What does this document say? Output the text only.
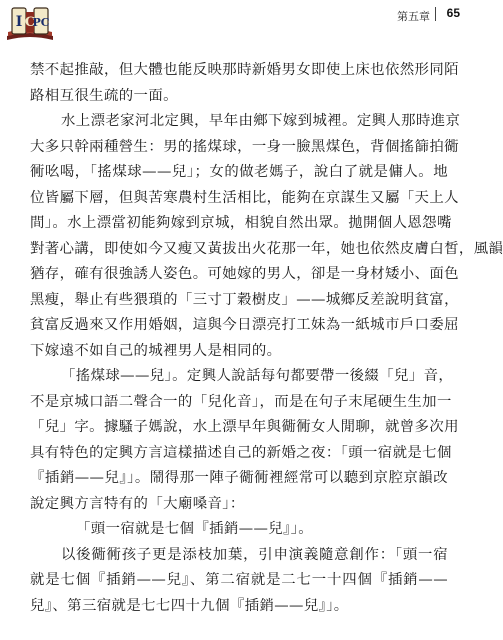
I C
PC	第五章 65
禁不起推敲，但大體也能反映那時新婚男女即使上床也依然形同陌
路相互很生疏的一面。
水上漂老家河北定興，早年由鄉下嫁到城裡。定興人那時進京
大多只幹兩種營生：男的搖煤球，一身一臉黑煤色，背個搖篩拍衚
衕吆喝，「搖煤球——兒」；女的做老媽子，說白了就是傭人。地
位皆屬下層，但與苦寒農村生活相比，能夠在京謀生又屬「天上人
間」。水上漂當初能夠嫁到京城，相貌自然出眾。拋開個人恩怨嘴
對著心講，即使如今又瘦又黃拔出火花那一年，她也依然皮膚白皙，風韻
猶存，確有很強誘人姿色。可她嫁的男人，卻是一身材矮小、面色
黑瘦，舉止有些猥瑣的「三寸丁穀樹皮」——城鄉反差說明貧富，
貧富反過來又作用婚姻，這與今日漂亮打工妹為一紙城市戶口委屈
下嫁遠不如自己的城裡男人是相同的。
「搖煤球——兒」。定興人說話每句都要帶一後綴「兒」音，
不是京城口語二聲合一的「兒化音」，而是在句子末尾硬生生加一
「兒」字。據騷子媽說，水上漂早年與衚衕女人閒聊，就曾多次用
具有特色的定興方言這樣描述自己的新婚之夜：「頭一宿就是七個
『插銷——兒』」。鬧得那一陣子衚衕裡經常可以聽到京腔京韻改
說定興方言特有的「大廟嗓音」：
「頭一宿就是七個『插銷——兒』」。
以後衚衕孩子更是添枝加葉，引申演義隨意創作：「頭一宿
就是七個『插銷——兒』、第二宿就是二七一十四個『插銷——
兒』、第三宿就是七七四十九個『插銷——兒』」。
